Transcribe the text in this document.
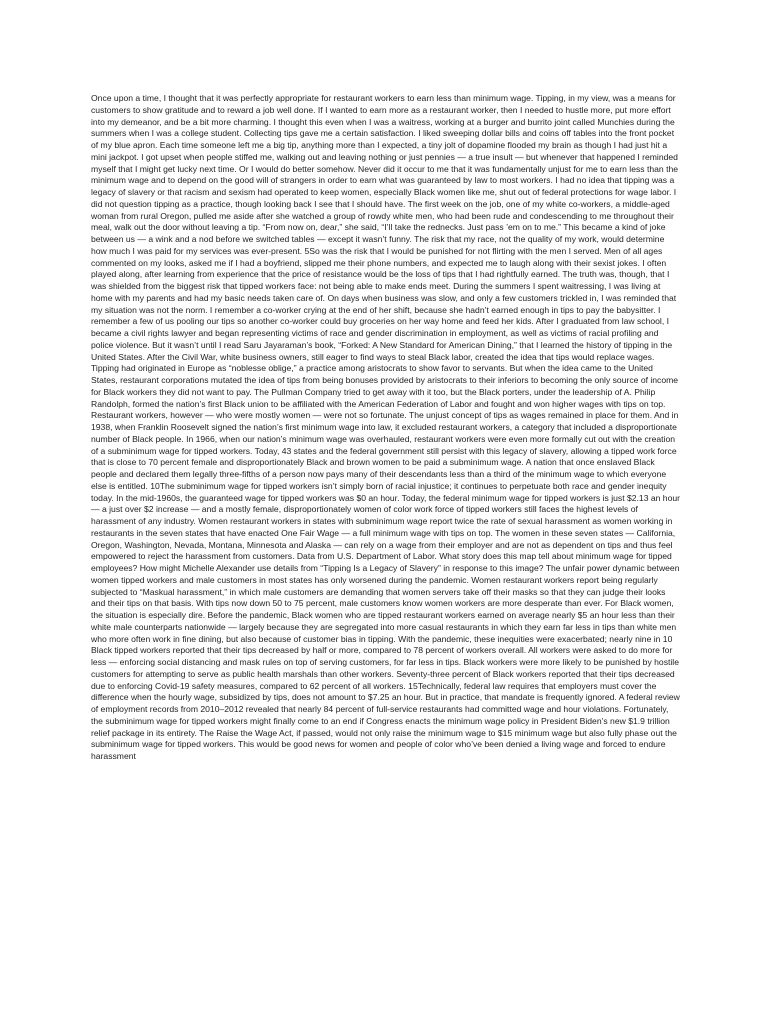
Once upon a time, I thought that it was perfectly appropriate for restaurant workers to earn less than minimum wage. Tipping, in my view, was a means for customers to show gratitude and to reward a job well done. If I wanted to earn more as a restaurant worker, then I needed to hustle more, put more effort into my demeanor, and be a bit more charming. I thought this even when I was a waitress, working at a burger and burrito joint called Munchies during the summers when I was a college student. Collecting tips gave me a certain satisfaction. I liked sweeping dollar bills and coins off tables into the front pocket of my blue apron. Each time someone left me a big tip, anything more than I expected, a tiny jolt of dopamine flooded my brain as though I had just hit a mini jackpot. I got upset when people stiffed me, walking out and leaving nothing or just pennies — a true insult — but whenever that happened I reminded myself that I might get lucky next time. Or I would do better somehow. Never did it occur to me that it was fundamentally unjust for me to earn less than the minimum wage and to depend on the good will of strangers in order to earn what was guaranteed by law to most workers. I had no idea that tipping was a legacy of slavery or that racism and sexism had operated to keep women, especially Black women like me, shut out of federal protections for wage labor. I did not question tipping as a practice, though looking back I see that I should have. The first week on the job, one of my white co-workers, a middle-aged woman from rural Oregon, pulled me aside after she watched a group of rowdy white men, who had been rude and condescending to me throughout their meal, walk out the door without leaving a tip. “From now on, dear,” she said, “I’ll take the rednecks. Just pass ’em on to me.” This became a kind of joke between us — a wink and a nod before we switched tables — except it wasn’t funny. The risk that my race, not the quality of my work, would determine how much I was paid for my services was ever-present. 5So was the risk that I would be punished for not flirting with the men I served. Men of all ages commented on my looks, asked me if I had a boyfriend, slipped me their phone numbers, and expected me to laugh along with their sexist jokes. I often played along, after learning from experience that the price of resistance would be the loss of tips that I had rightfully earned. The truth was, though, that I was shielded from the biggest risk that tipped workers face: not being able to make ends meet. During the summers I spent waitressing, I was living at home with my parents and had my basic needs taken care of. On days when business was slow, and only a few customers trickled in, I was reminded that my situation was not the norm. I remember a co-worker crying at the end of her shift, because she hadn’t earned enough in tips to pay the babysitter. I remember a few of us pooling our tips so another co-worker could buy groceries on her way home and feed her kids. After I graduated from law school, I became a civil rights lawyer and began representing victims of race and gender discrimination in employment, as well as victims of racial profiling and police violence. But it wasn’t until I read Saru Jayaraman’s book, “Forked: A New Standard for American Dining,” that I learned the history of tipping in the United States. After the Civil War, white business owners, still eager to find ways to steal Black labor, created the idea that tips would replace wages. Tipping had originated in Europe as “noblesse oblige,” a practice among aristocrats to show favor to servants. But when the idea came to the United States, restaurant corporations mutated the idea of tips from being bonuses provided by aristocrats to their inferiors to becoming the only source of income for Black workers they did not want to pay. The Pullman Company tried to get away with it too, but the Black porters, under the leadership of A. Philip Randolph, formed the nation’s first Black union to be affiliated with the American Federation of Labor and fought and won higher wages with tips on top. Restaurant workers, however — who were mostly women — were not so fortunate. The unjust concept of tips as wages remained in place for them. And in 1938, when Franklin Roosevelt signed the nation’s first minimum wage into law, it excluded restaurant workers, a category that included a disproportionate number of Black people. In 1966, when our nation’s minimum wage was overhauled, restaurant workers were even more formally cut out with the creation of a subminimum wage for tipped workers. Today, 43 states and the federal government still persist with this legacy of slavery, allowing a tipped work force that is close to 70 percent female and disproportionately Black and brown women to be paid a subminimum wage. A nation that once enslaved Black people and declared them legally three-fifths of a person now pays many of their descendants less than a third of the minimum wage to which everyone else is entitled. 10The subminimum wage for tipped workers isn’t simply born of racial injustice; it continues to perpetuate both race and gender inequity today. In the mid-1960s, the guaranteed wage for tipped workers was $0 an hour. Today, the federal minimum wage for tipped workers is just $2.13 an hour — a just over $2 increase — and a mostly female, disproportionately women of color work force of tipped workers still faces the highest levels of harassment of any industry. Women restaurant workers in states with subminimum wage report twice the rate of sexual harassment as women working in restaurants in the seven states that have enacted One Fair Wage — a full minimum wage with tips on top. The women in these seven states — California, Oregon, Washington, Nevada, Montana, Minnesota and Alaska — can rely on a wage from their employer and are not as dependent on tips and thus feel empowered to reject the harassment from customers. Data from U.S. Department of Labor. What story does this map tell about minimum wage for tipped employees? How might Michelle Alexander use details from “Tipping Is a Legacy of Slavery” in response to this image? The unfair power dynamic between women tipped workers and male customers in most states has only worsened during the pandemic. Women restaurant workers report being regularly subjected to “Maskual harassment,” in which male customers are demanding that women servers take off their masks so that they can judge their looks and their tips on that basis. With tips now down 50 to 75 percent, male customers know women workers are more desperate than ever. For Black women, the situation is especially dire. Before the pandemic, Black women who are tipped restaurant workers earned on average nearly $5 an hour less than their white male counterparts nationwide — largely because they are segregated into more casual restaurants in which they earn far less in tips than white men who more often work in fine dining, but also because of customer bias in tipping. With the pandemic, these inequities were exacerbated; nearly nine in 10 Black tipped workers reported that their tips decreased by half or more, compared to 78 percent of workers overall. All workers were asked to do more for less — enforcing social distancing and mask rules on top of serving customers, for far less in tips. Black workers were more likely to be punished by hostile customers for attempting to serve as public health marshals than other workers. Seventy-three percent of Black workers reported that their tips decreased due to enforcing Covid-19 safety measures, compared to 62 percent of all workers. 15Technically, federal law requires that employers must cover the difference when the hourly wage, subsidized by tips, does not amount to $7.25 an hour. But in practice, that mandate is frequently ignored. A federal review of employment records from 2010–2012 revealed that nearly 84 percent of full-service restaurants had committed wage and hour violations. Fortunately, the subminimum wage for tipped workers might finally come to an end if Congress enacts the minimum wage policy in President Biden’s new $1.9 trillion relief package in its entirety. The Raise the Wage Act, if passed, would not only raise the minimum wage to $15 minimum wage but also fully phase out the subminimum wage for tipped workers. This would be good news for women and people of color who’ve been denied a living wage and forced to endure harassment
